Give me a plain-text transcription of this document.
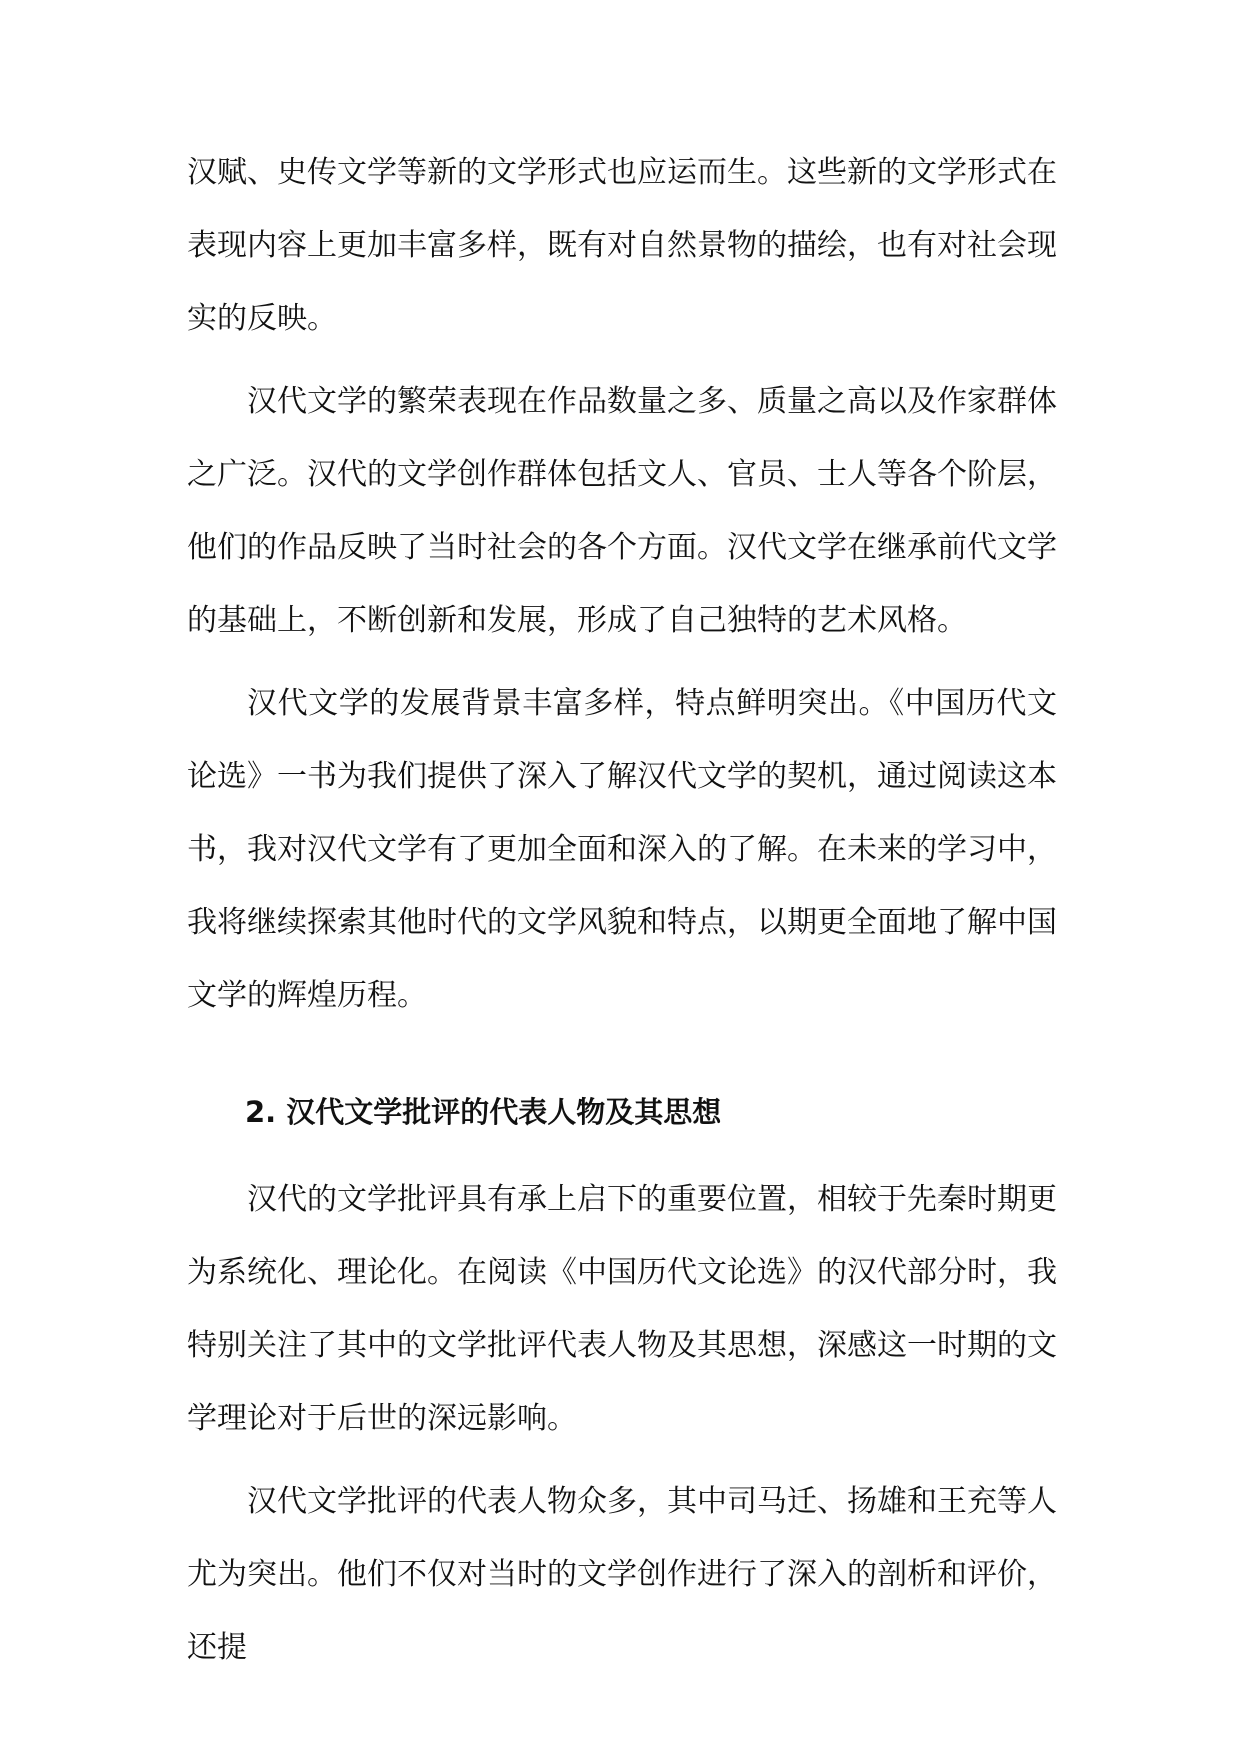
汉赋、史传文学等新的文学形式也应运而生。这些新的文学形式在表现内容上更加丰富多样，既有对自然景物的描绘，也有对社会现实的反映。

汉代文学的繁荣表现在作品数量之多、质量之高以及作家群体之广泛。汉代的文学创作群体包括文人、官员、士人等各个阶层，他们的作品反映了当时社会的各个方面。汉代文学在继承前代文学的基础上，不断创新和发展，形成了自己独特的艺术风格。

汉代文学的发展背景丰富多样，特点鲜明突出。《中国历代文论选》一书为我们提供了深入了解汉代文学的契机，通过阅读这本书，我对汉代文学有了更加全面和深入的了解。在未来的学习中，我将继续探索其他时代的文学风貌和特点，以期更全面地了解中国文学的辉煌历程。

2. 汉代文学批评的代表人物及其思想

汉代的文学批评具有承上启下的重要位置，相较于先秦时期更为系统化、理论化。在阅读《中国历代文论选》的汉代部分时，我特别关注了其中的文学批评代表人物及其思想，深感这一时期的文学理论对于后世的深远影响。

汉代文学批评的代表人物众多，其中司马迁、扬雄和王充等人尤为突出。他们不仅对当时的文学创作进行了深入的剖析和评价，还提
